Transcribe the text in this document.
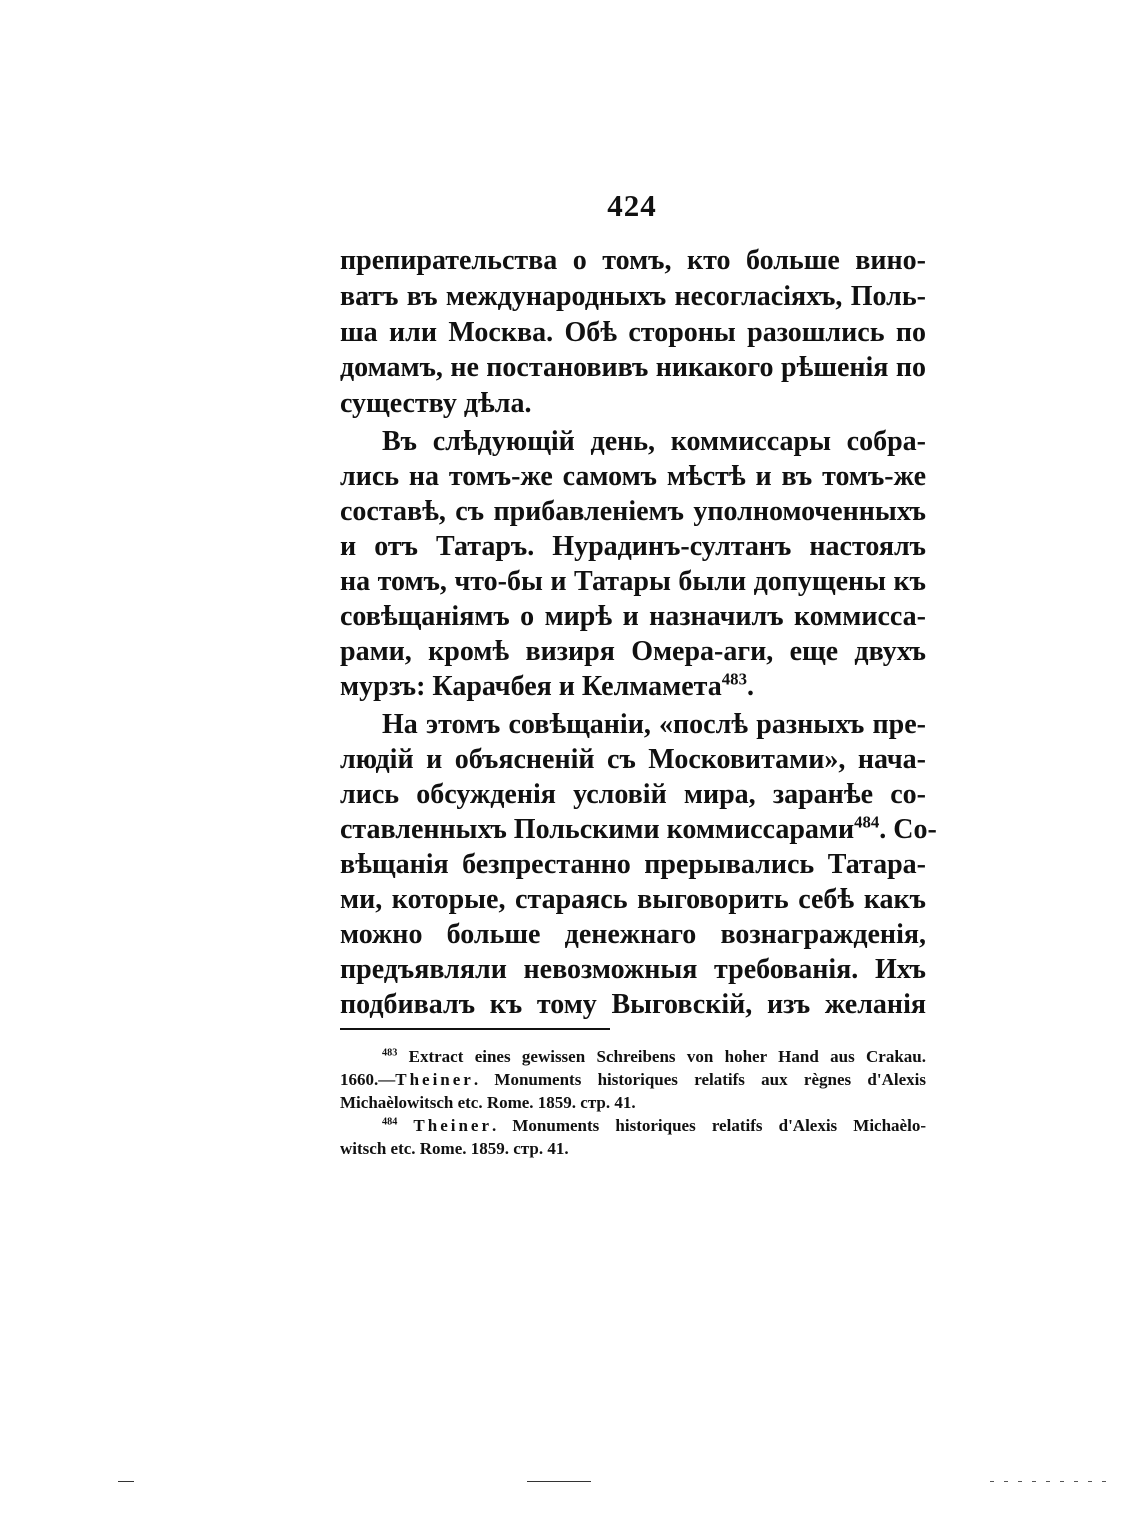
424
препирательства о томъ, кто больше вино-
ватъ въ международныхъ несогласіяхъ, Поль-
ша или Москва. Обѣ стороны разошлись по
домамъ, не постановивъ никакого рѣшенія по
существу дѣла.
Въ слѣдующій день, коммиссары собра-
лись на томъ-же самомъ мѣстѣ и въ томъ-же
составѣ, съ прибавленіемъ уполномоченныхъ
и отъ Татаръ. Нурадинъ-султанъ настоялъ
на томъ, что-бы и Татары были допущены къ
совѣщаніямъ о мирѣ и назначилъ коммисса-
рами, кромѣ визиря Омера-аги, еще двухъ
мурзъ: Карачбея и Келмамета$^{483}$.
На этомъ совѣщаніи, «послѣ разныхъ пре-
людій и объясненій съ Московитами», нача-
лись обсужденія условій мира, заранѣе со-
ставленныхъ Польскими коммиссарами$^{484}$. Со-
вѣщанія безпрестанно прерывались Татара-
ми, которые, стараясь выговорить себѣ какъ
можно больше денежнаго вознагражденія,
предъявляли невозможныя требованія. Ихъ
подбивалъ къ тому Выговскій, изъ желанія
$^{483}$ Extract eines gewissen Schreibens von hoher Hand aus Crakau.
1660.—Theiner. Monuments historiques relatifs aux règnes d'Alexis
Michaèlowitsch etc. Rome. 1859. стр. 41.
$^{484}$ Theiner. Monuments historiques relatifs d'Alexis Michaèlo-
witsch etc. Rome. 1859. стр. 41.
